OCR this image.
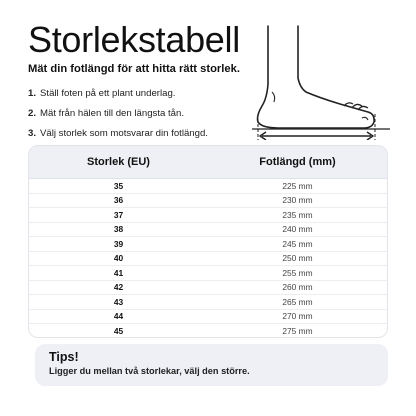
Storlekstabell
Mät din fotlängd för att hitta rätt storlek.
1. Ställ foten på ett plant underlag.
2. Mät från hälen till den längsta tån.
3. Välj storlek som motsvarar din fotlängd.
Storlek (EU)	Fotlängd (mm)
35	225 mm
36	230 mm
37	235 mm
38	240 mm
39	245 mm
40	250 mm
41	255 mm
42	260 mm
43	265 mm
44	270 mm
45	275 mm
Tips!
Ligger du mellan två storlekar, välj den större.
